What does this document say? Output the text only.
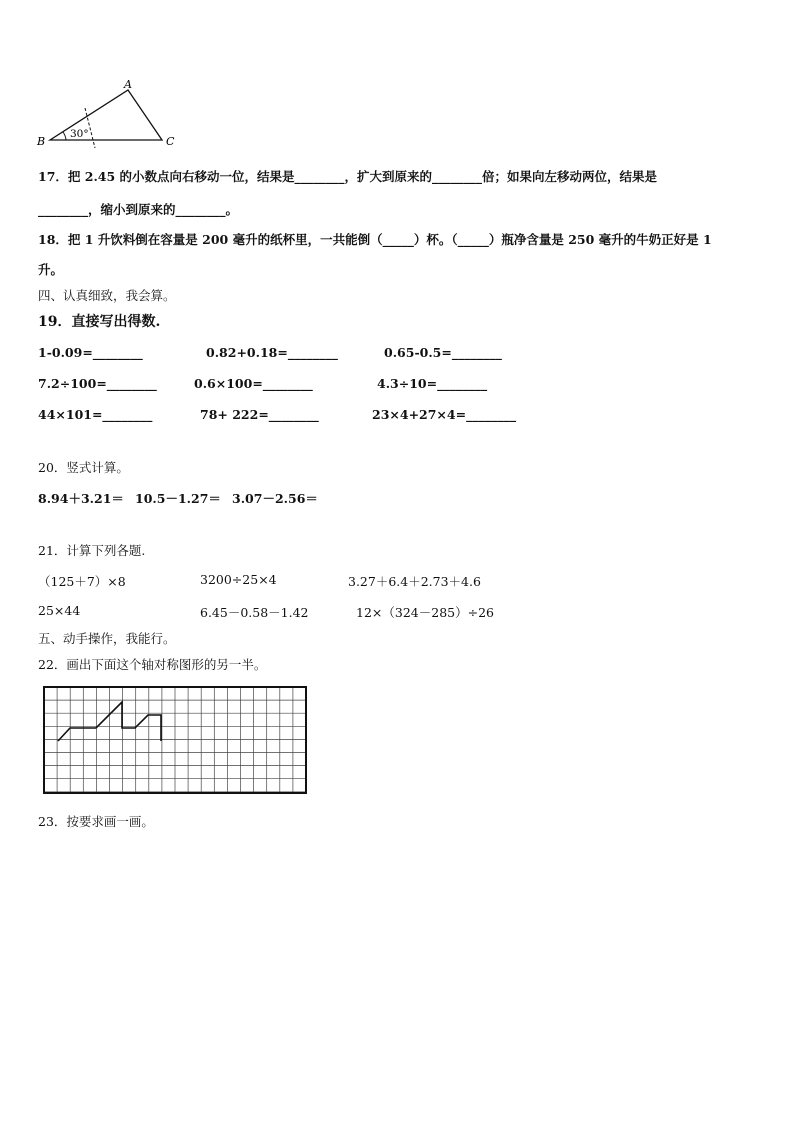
A
B	C
30°
17．把 2.45 的小数点向右移动一位，结果是________，扩大到原来的________倍；如果向左移动两位，结果是
________，缩小到原来的________。
18．把 1 升饮料倒在容量是 200 毫升的纸杯里，一共能倒（_____）杯。（_____）瓶净含量是 250 毫升的牛奶正好是 1
升。
四、认真细致，我会算。
19．直接写出得数.
1-0.09=________	0.82+0.18=________	0.65-0.5=________
7.2÷100=________	0.6×100=________	4.3÷10=________
44×101=________	78+ 222=________	23×4+27×4=________
20．竖式计算。
8.94＋3.21＝ 10.5－1.27＝ 3.07－2.56＝
21．计算下列各题.
（125＋7）×8	3200÷25×4	3.27＋6.4＋2.73＋4.6
25×44	6.45－0.58－1.42	12×（324－285）÷26
五、动手操作，我能行。
22．画出下面这个轴对称图形的另一半。
23．按要求画一画。
